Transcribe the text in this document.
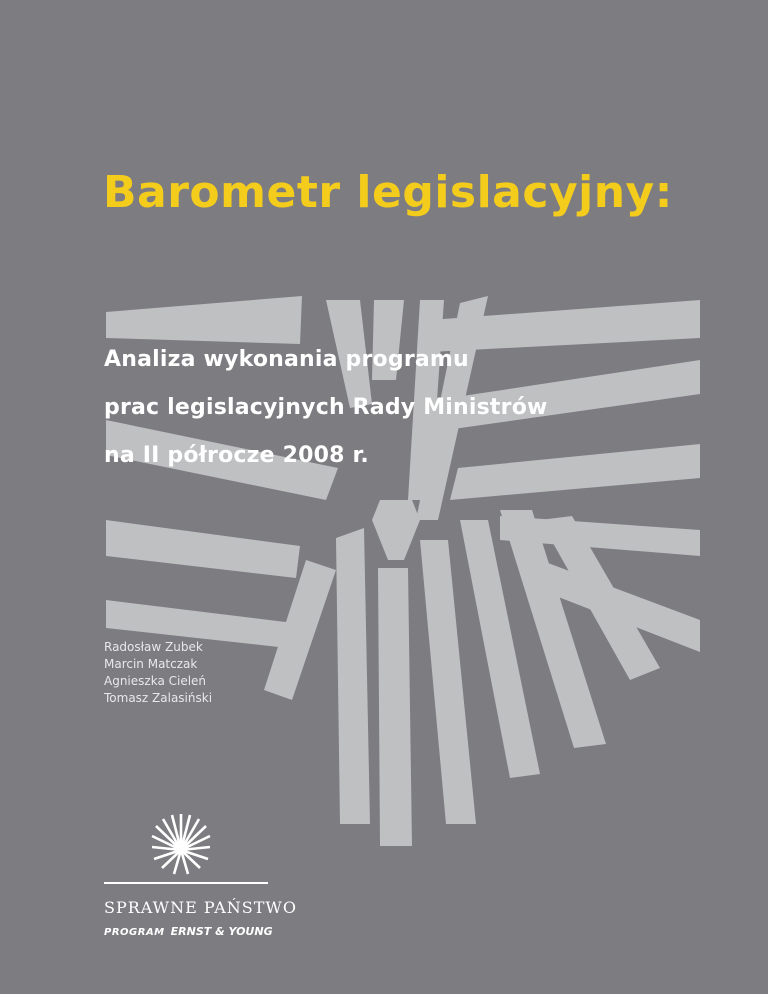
Barometr legislacyjny:
Analiza wykonania programu
prac legislacyjnych Rady Ministrów
na II półrocze 2008 r.
Radosław Zubek
Marcin Matczak
Agnieszka Cieleń
Tomasz Zalasiński
SPRAWNE PAŃSTWO
PROGRAM ERNST & YOUNG
